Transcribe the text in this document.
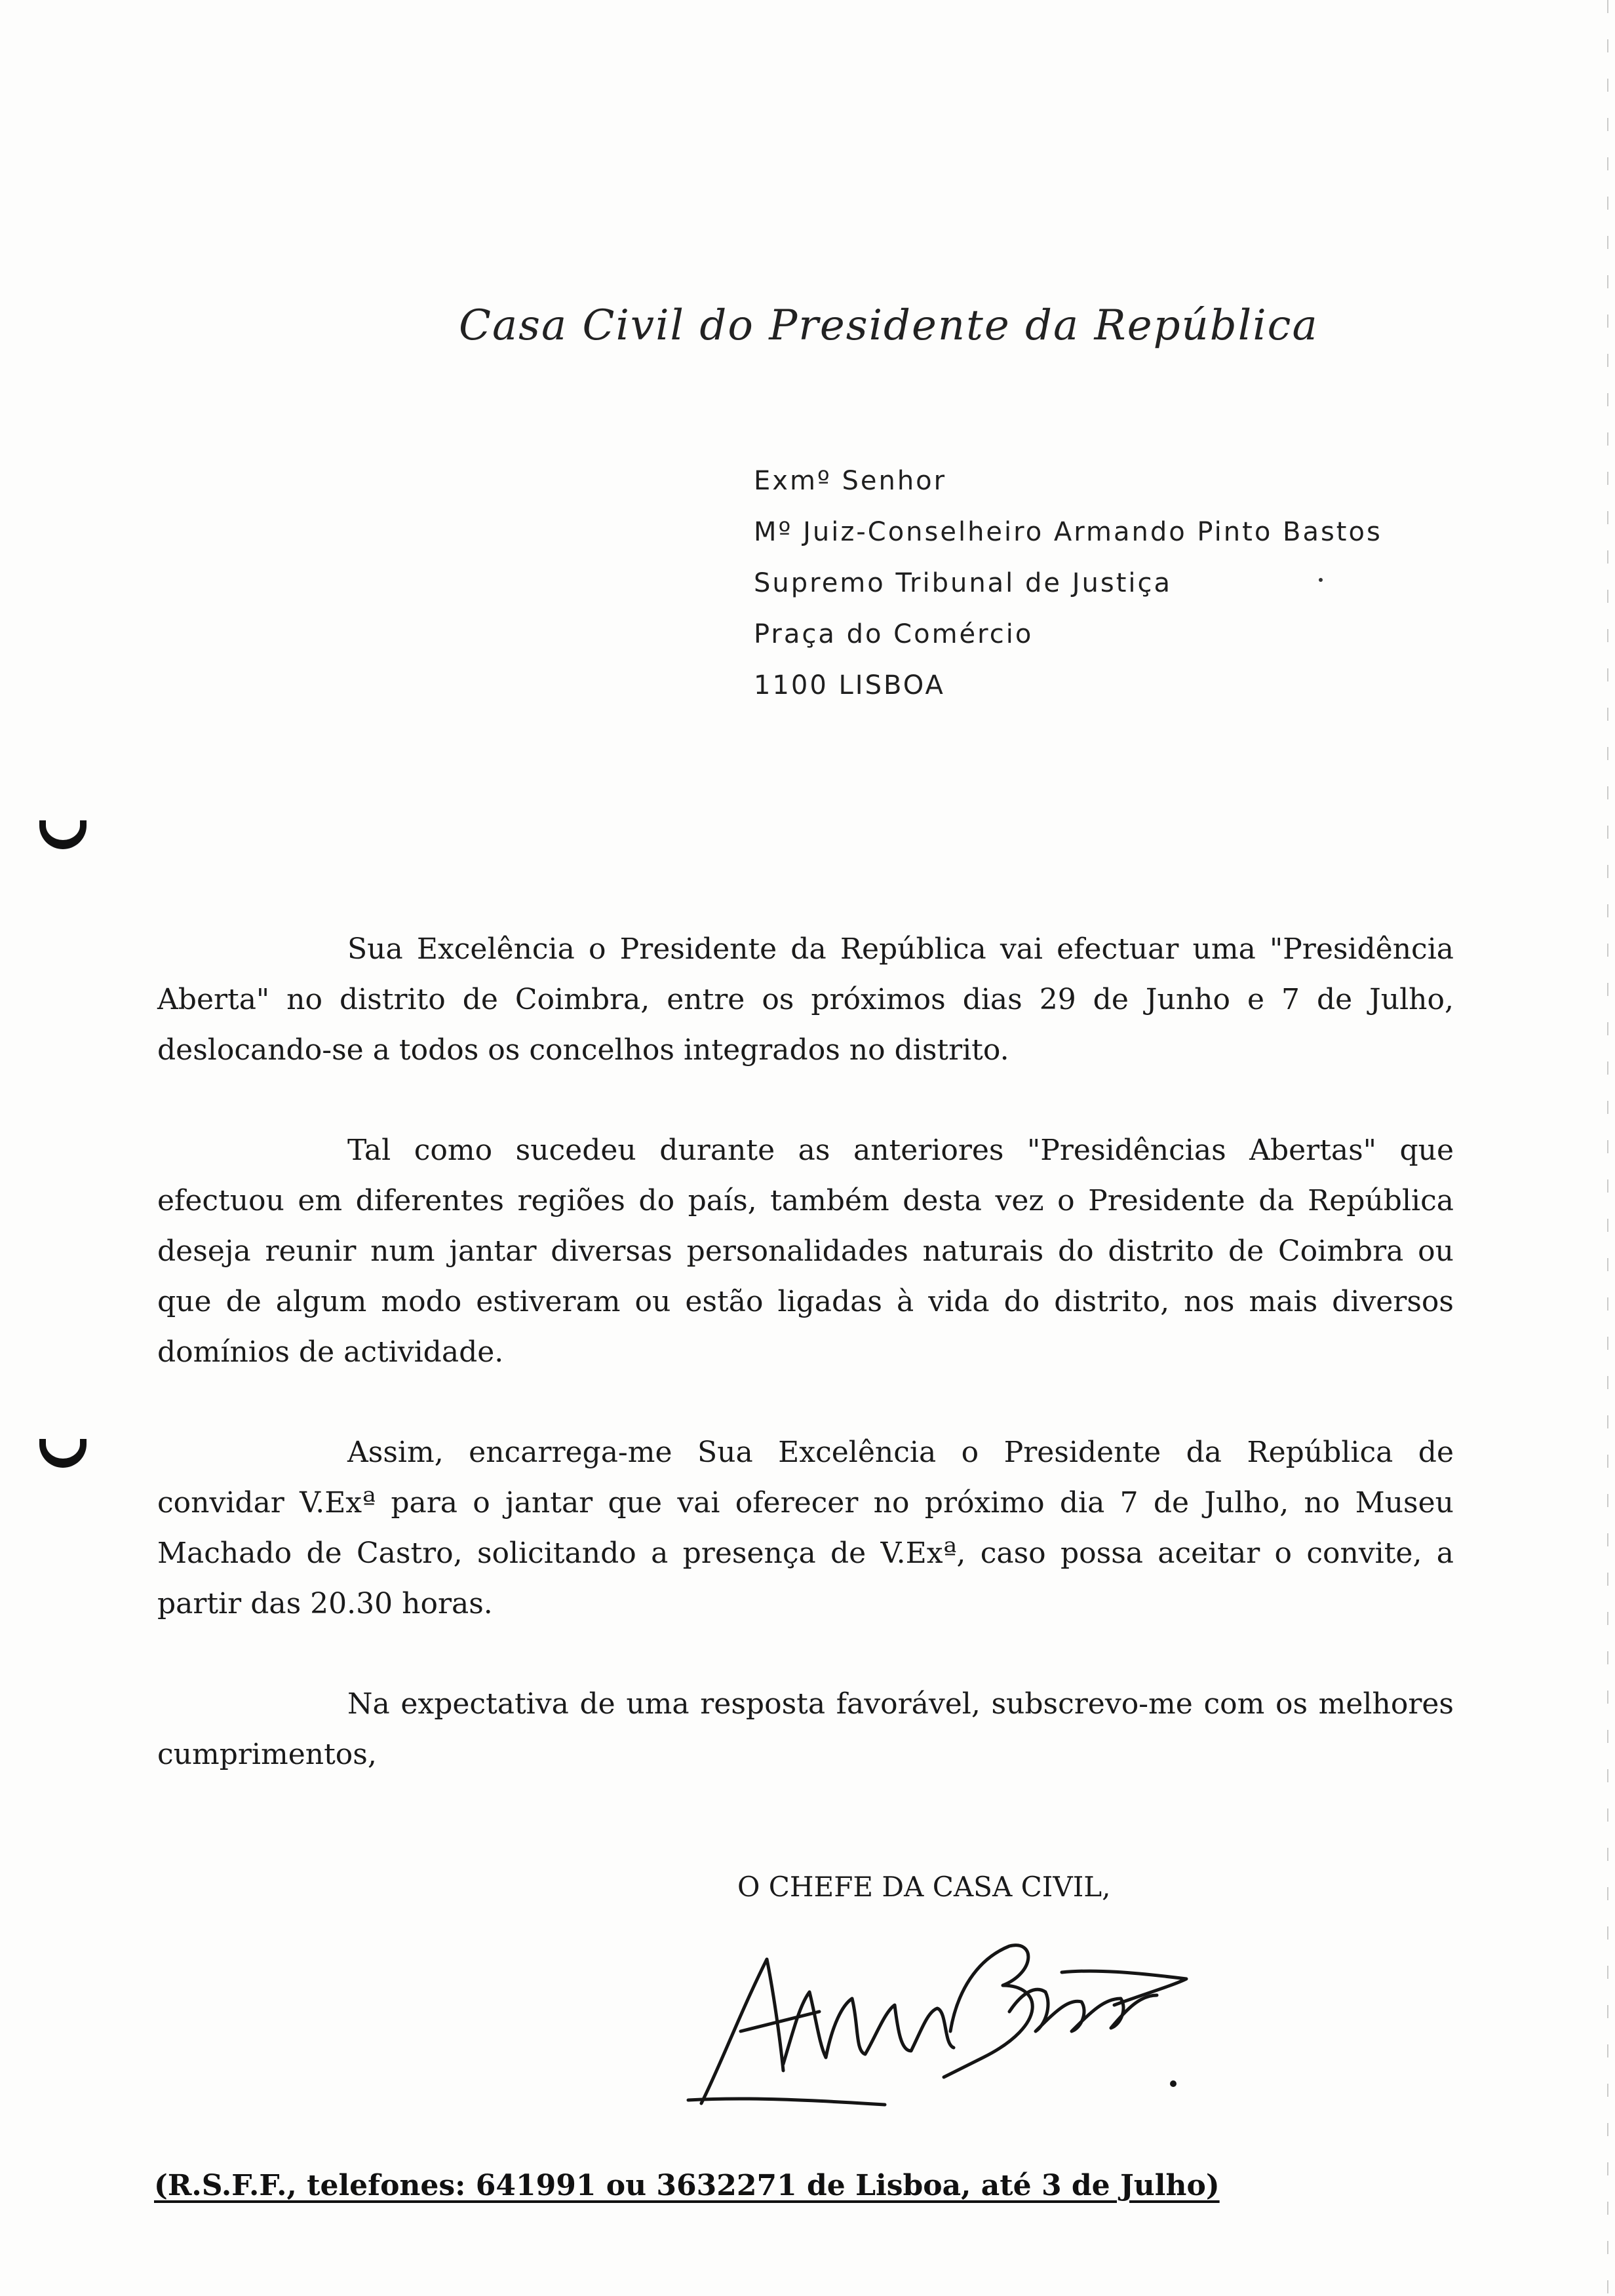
Casa Civil do Presidente da República
Exmº Senhor
Mº Juiz-Conselheiro Armando Pinto Bastos
Supremo Tribunal de Justiça
Praça do Comércio
1100 LISBOA

Sua Excelência o Presidente da República vai efectuar uma "Presidência Aberta" no distrito de Coimbra, entre os próximos dias 29 de Junho e 7 de Julho, deslocando-se a todos os concelhos integrados no distrito.

Tal como sucedeu durante as anteriores "Presidências Abertas" que efectuou em diferentes regiões do país, também desta vez o Presidente da República deseja reunir num jantar diversas personalidades naturais do distrito de Coimbra ou que de algum modo estiveram ou estão ligadas à vida do distrito, nos mais diversos domínios de actividade.

Assim, encarrega-me Sua Excelência o Presidente da República de convidar V.Exª para o jantar que vai oferecer no próximo dia 7 de Julho, no Museu Machado de Castro, solicitando a presença de V.Exª, caso possa aceitar o convite, a partir das 20.30 horas.

Na expectativa de uma resposta favorável, subscrevo-me com os melhores cumprimentos,

O CHEFE DA CASA CIVIL,
(R.S.F.F., telefones: 641991 ou 3632271 de Lisboa, até 3 de Julho)
